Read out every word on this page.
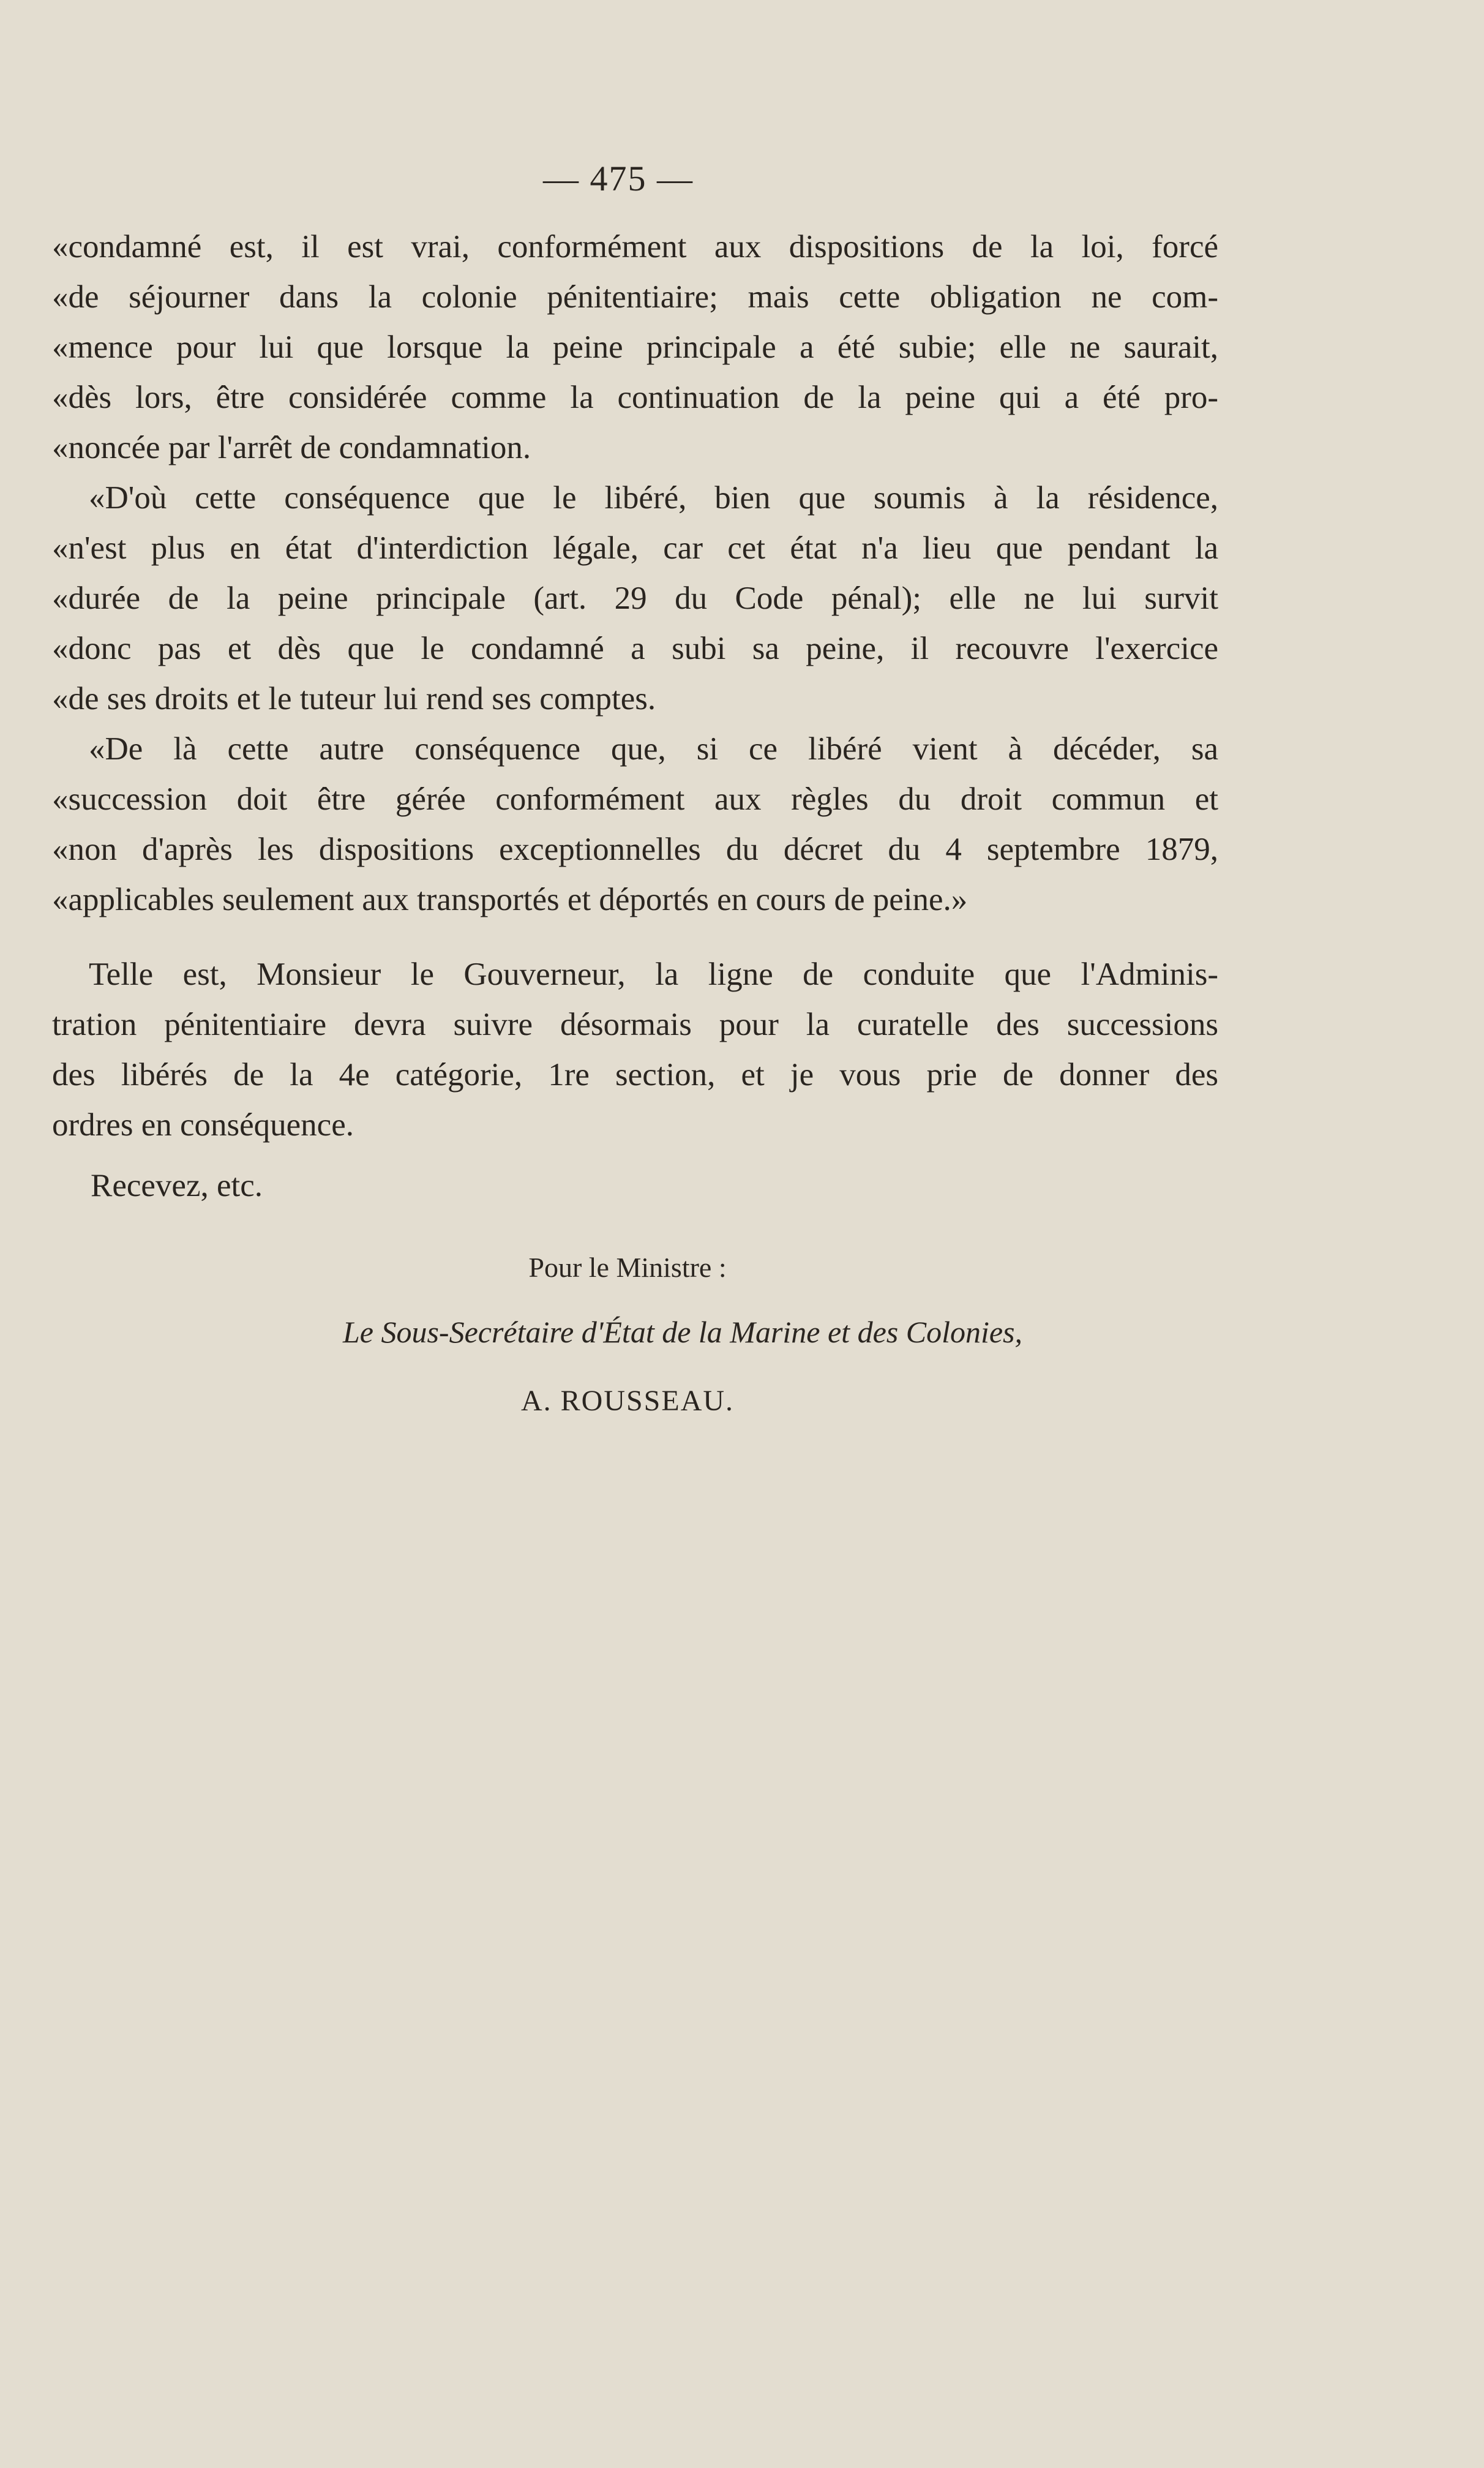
— 475 —
«condamné est, il est vrai, conformément aux dispositions de la loi, forcé
«de séjourner dans la colonie pénitentiaire; mais cette obligation ne com-
«mence pour lui que lorsque la peine principale a été subie; elle ne saurait,
«dès lors, être considérée comme la continuation de la peine qui a été pro-
«noncée par l'arrêt de condamnation.
«D'où cette conséquence que le libéré, bien que soumis à la résidence,
«n'est plus en état d'interdiction légale, car cet état n'a lieu que pendant la
«durée de la peine principale (art. 29 du Code pénal); elle ne lui survit
«donc pas et dès que le condamné a subi sa peine, il recouvre l'exercice
«de ses droits et le tuteur lui rend ses comptes.
«De là cette autre conséquence que, si ce libéré vient à décéder, sa
«succession doit être gérée conformément aux règles du droit commun et
«non d'après les dispositions exceptionnelles du décret du 4 septembre 1879,
«applicables seulement aux transportés et déportés en cours de peine.»
Telle est, Monsieur le Gouverneur, la ligne de conduite que l'Adminis-
tration pénitentiaire devra suivre désormais pour la curatelle des successions
des libérés de la 4e catégorie, 1re section, et je vous prie de donner des
ordres en conséquence.
Recevez, etc.
Pour le Ministre :
Le Sous-Secrétaire d'État de la Marine et des Colonies,
A. ROUSSEAU.
